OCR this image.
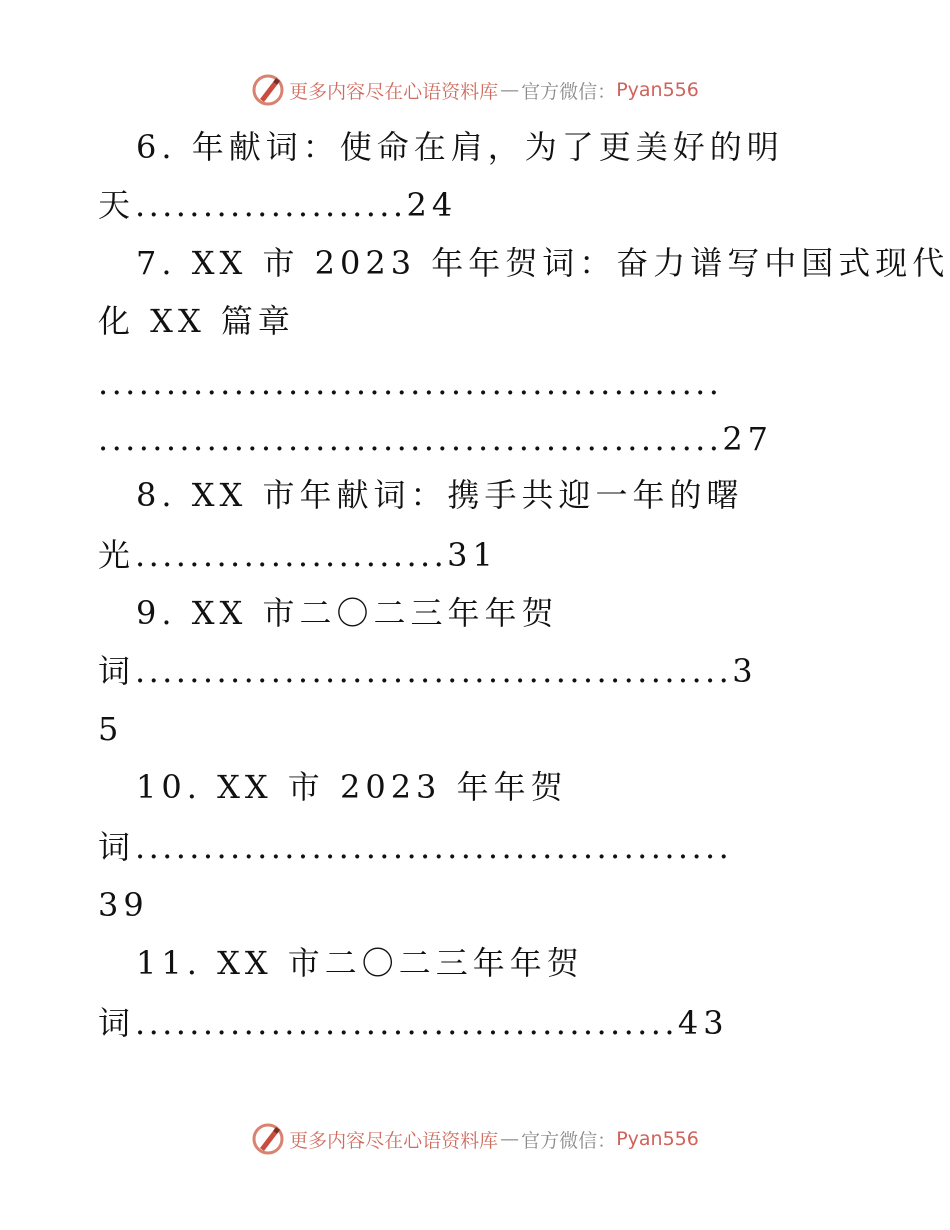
更多内容尽在心语资料库 — 官方微信： Pyan556
6. 年献词：使命在肩，为了更美好的明
天....................24
7. XX 市 2023 年年贺词：奋力谱写中国式现代
化 XX 篇章
..............................................
..............................................27
8. XX 市年献词：携手共迎一年的曙
光.......................31
9. XX 市二〇二三年年贺
词............................................3
5
10. XX 市 2023 年年贺
词............................................
39
11. XX 市二〇二三年年贺
词........................................43
更多内容尽在心语资料库 — 官方微信： Pyan556
